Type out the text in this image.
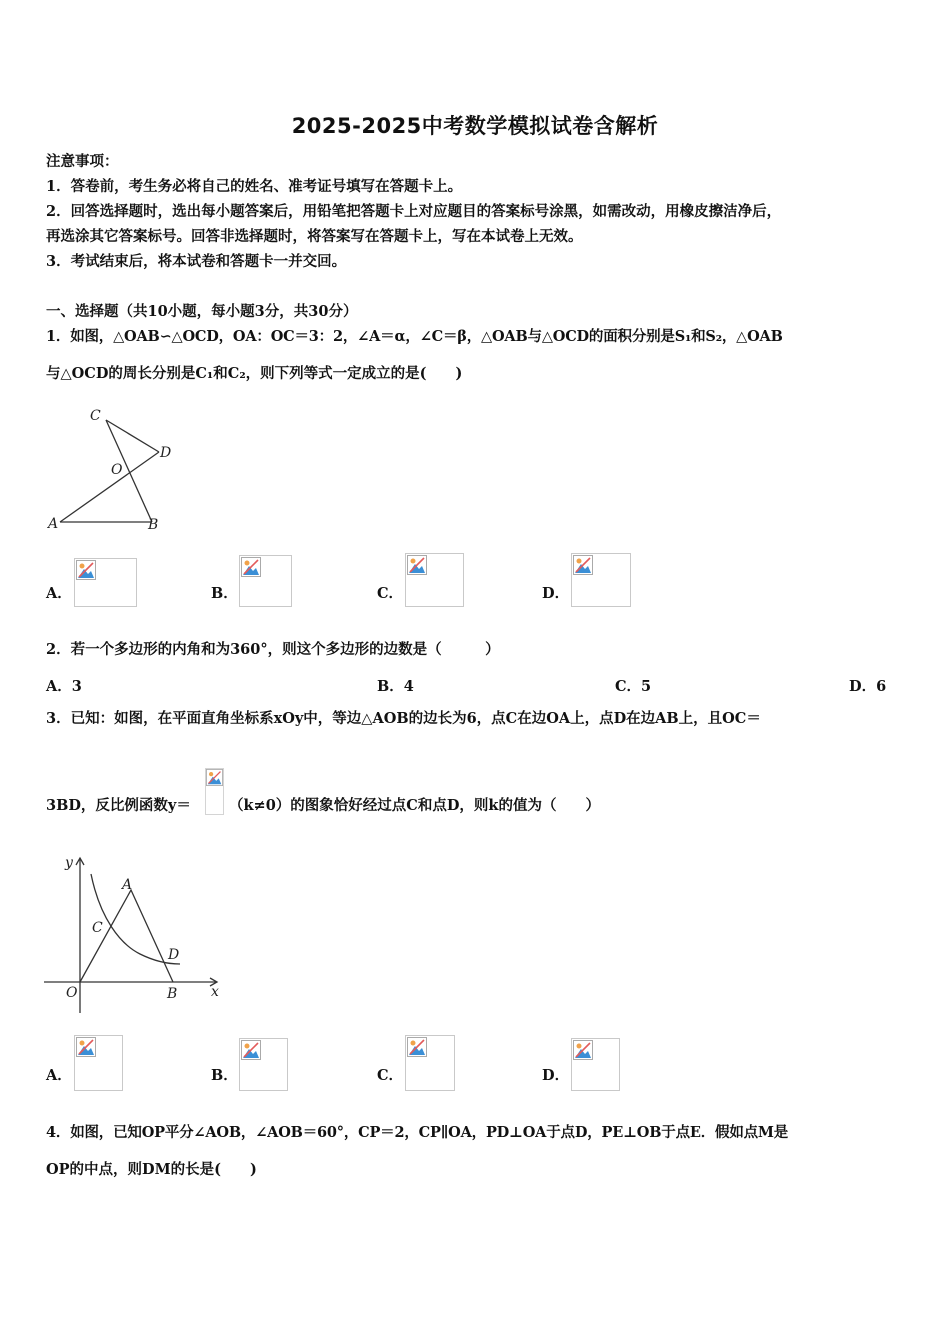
2025-2025中考数学模拟试卷含解析
注意事项：
1．答卷前，考生务必将自己的姓名、准考证号填写在答题卡上。
2．回答选择题时，选出每小题答案后，用铅笔把答题卡上对应题目的答案标号涂黑，如需改动，用橡皮擦洁净后，
再选涂其它答案标号。回答非选择题时，将答案写在答题卡上，写在本试卷上无效。
3．考试结束后，将本试卷和答题卡一并交回。
一、选择题（共10小题，每小题3分，共30分）
1．如图，△OAB∽△OCD，OA：OC＝3：2，∠A＝α，∠C＝β，△OAB与△OCD的面积分别是S₁和S₂，△OAB
与△OCD的周长分别是C₁和C₂，则下列等式一定成立的是(　　)
C
D
O
A	B
A．	B．	C．	D．
2．若一个多边形的内角和为360°，则这个多边形的边数是（　　　）
A．3	B．4	C．5	D．6
3．已知：如图，在平面直角坐标系xOy中，等边△AOB的边长为6，点C在边OA上，点D在边AB上，且OC＝
3BD，反比例函数y＝	（k≠0）的图象恰好经过点C和点D，则k的值为（　　）
y
A
C
D
O	B x
A．	B．	C．	D．
4．如图，已知OP平分∠AOB，∠AOB＝60°，CP＝2，CP∥OA，PD⊥OA于点D，PE⊥OB于点E．假如点M是
OP的中点，则DM的长是(　　)
